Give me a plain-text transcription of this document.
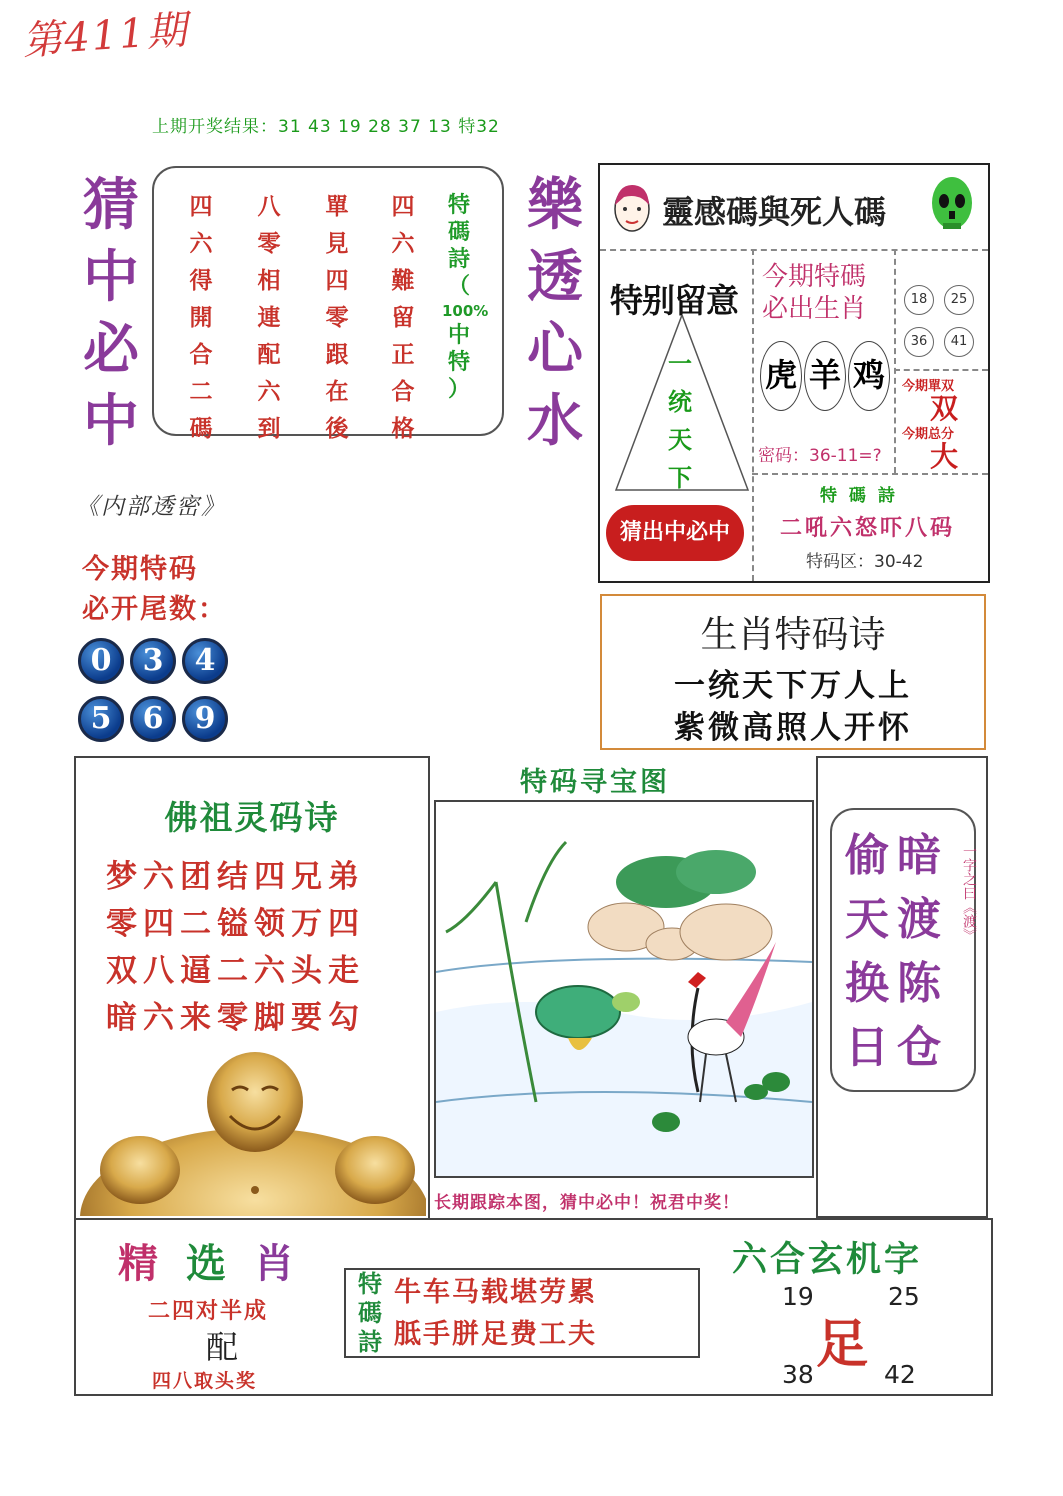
第411期
上期开奖结果：31 43 19 28 37 13 特32
猜
中
必
中
四
六
得
開
合
二
碼
八
零
相
連
配
六
到
單
見
四
零
跟
在
後
四
六
難
留
正
合
格
特
碼
詩
（
100%
中
特
）
樂
透
心
水
靈感碼與死人碼
特别留意
一
统
天
下
猜出中必中
今期特碼
必出生肖
虎 羊 鸡
密码：36-11=?
18	25
36	41
今期單双
双
今期总分
大
特 碼 詩
二吼六怒吓八码
特码区：30-42
《内部透密》
今期特码
必开尾数：
0	3	4
5	6	9
生肖特码诗
一统天下万人上
紫微高照人开怀
佛祖灵码诗
梦六团结四兄弟
零四二镒领万四
双八逼二六头走
暗六来零脚要勾
特码寻宝图
长期跟踪本图，猜中必中！祝君中奖！
偷
天
换
日
暗
渡
陈
仓
一字之曰《渡》
精选肖
二四对半成
配
四八取头奖
特
碼
詩
牛车马载堪劳累
胝手胼足费工夫
六合玄机字
19	25
足
38	42
